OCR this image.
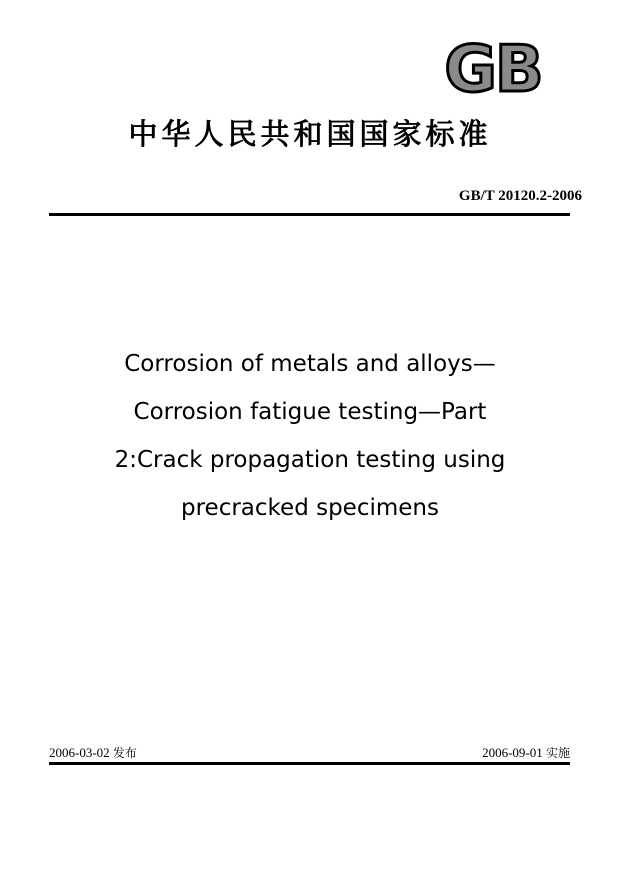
GB
中华人民共和国国家标准
GB/T 20120.2-2006
Corrosion of metals and alloys—
Corrosion fatigue testing—Part
2:Crack propagation testing using
precracked specimens
2006-03-02 发布	2006-09-01 实施
